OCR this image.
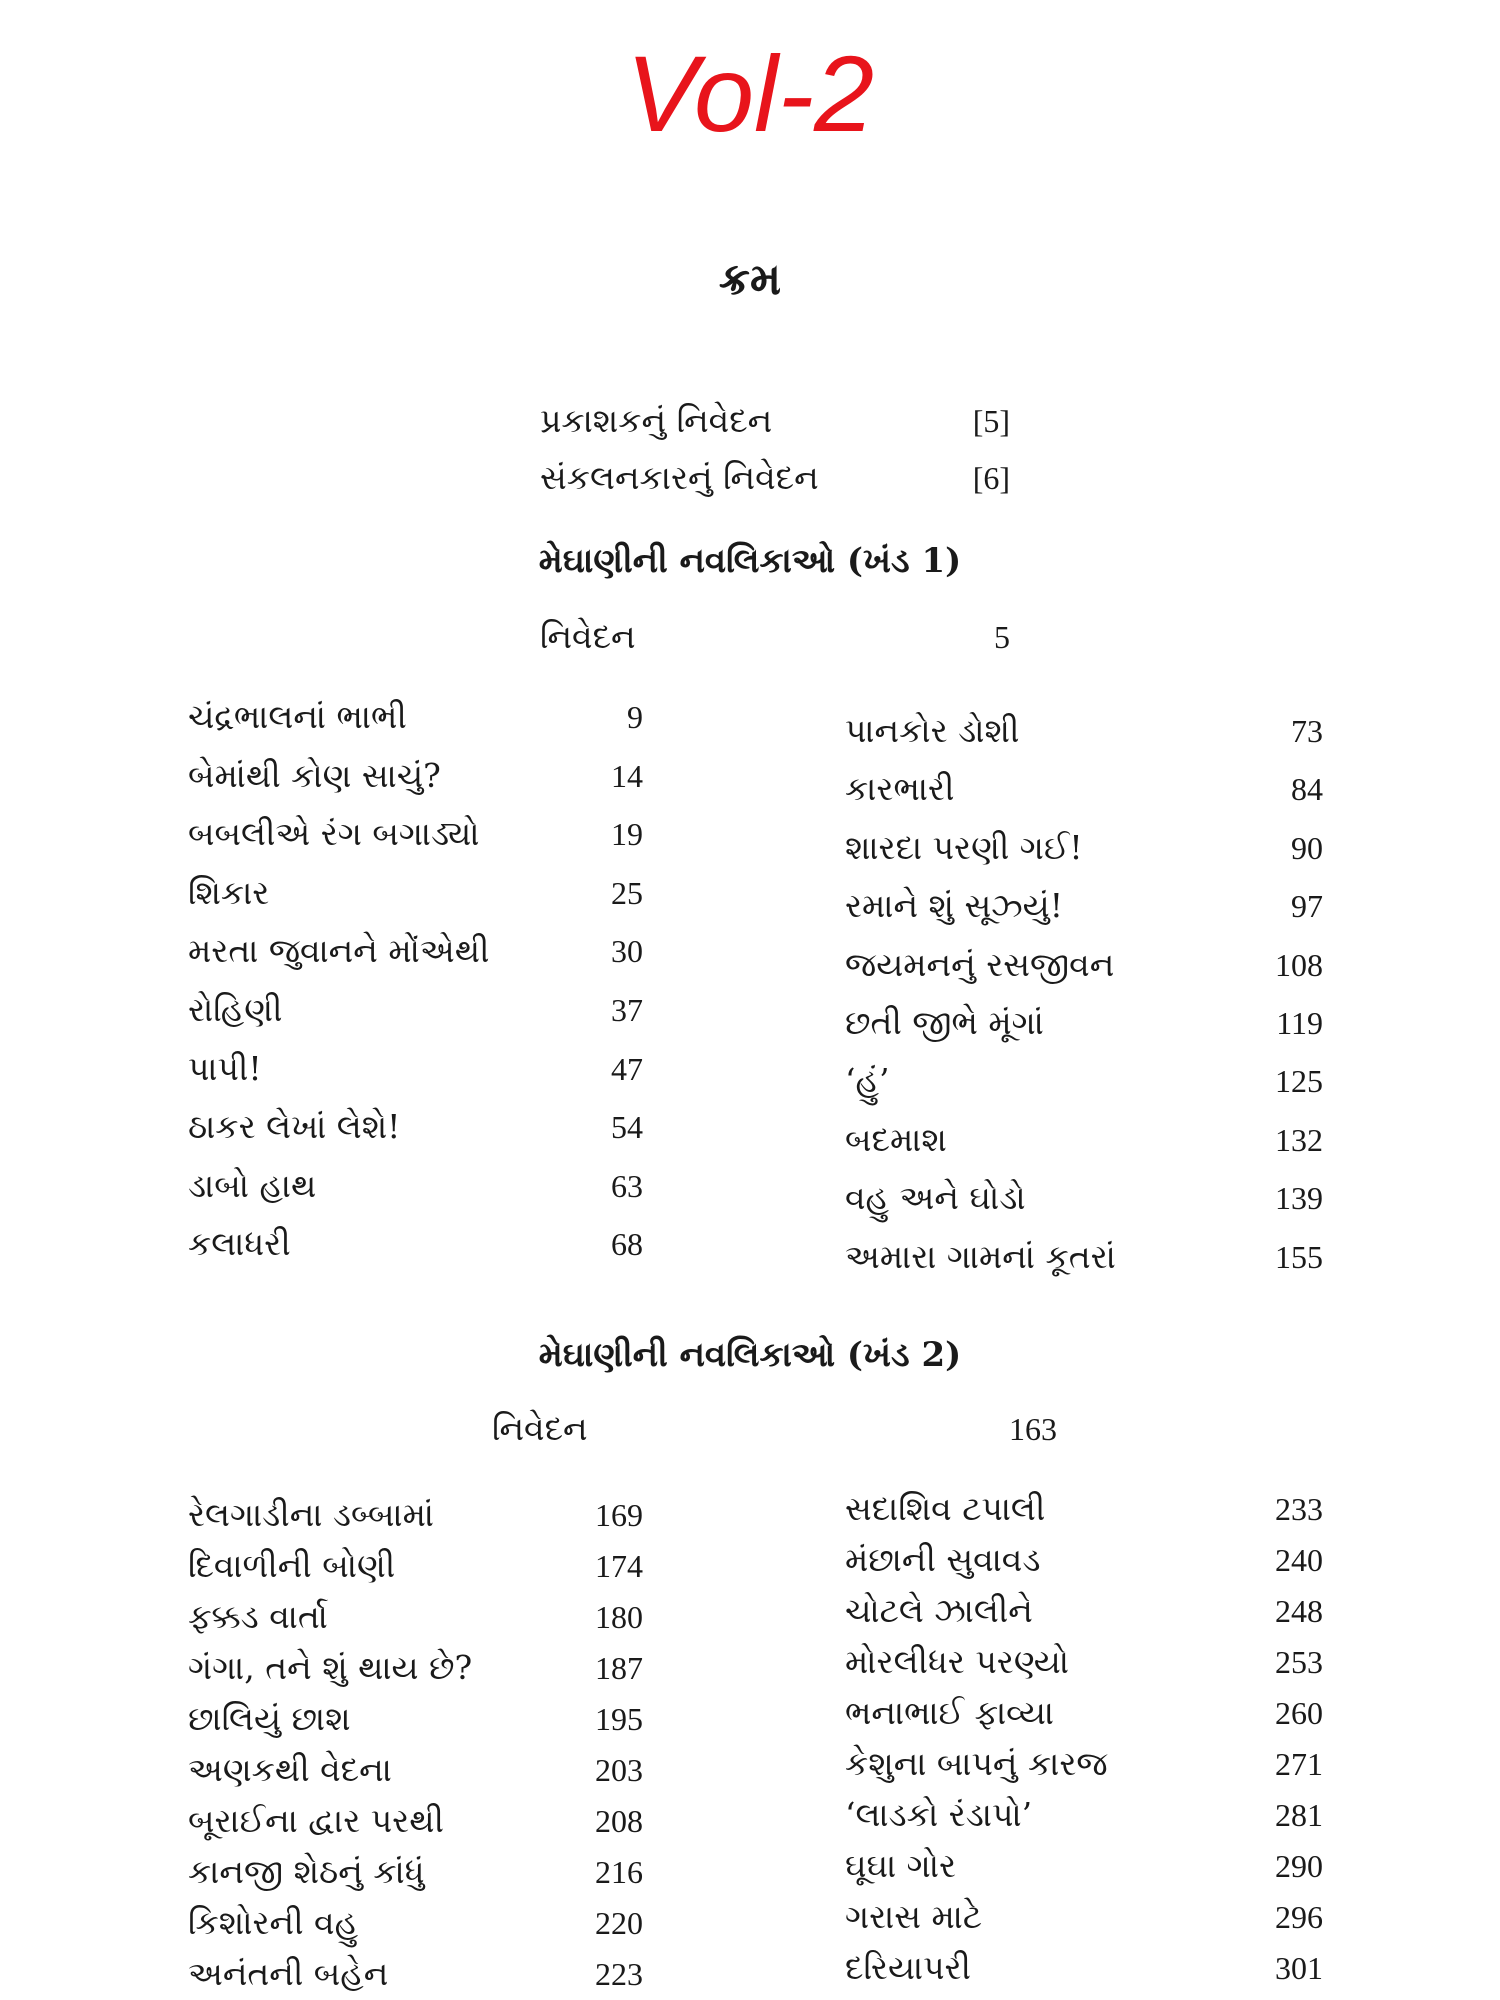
Vol-2
ક્રમ
પ્રકાશકનું નિવેદન	[5]
સંકલનકારનું નિવેદન	[6]
મેઘાણીની નવલિકાઓ (ખંડ 1)
નિવેદન	5
ચંદ્રભાલનાં ભાભી	9
બેમાંથી કોણ સાચું?	14
બબલીએ રંગ બગાડ્યો	19
શિકાર	25
મરતા જુવાનને મોંએથી	30
રોહિણી	37
પાપી!	47
ઠાકર લેખાં લેશે!	54
ડાબો હાથ	63
કલાધરી	68
પાનકોર ડોશી	73
કારભારી	84
શારદા પરણી ગઈ!	90
રમાને શું સૂઝ્યું!	97
જયમનનું રસજીવન	108
છતી જીભે મૂંગાં	119
‘હું’	125
બદમાશ	132
વહુ અને ઘોડો	139
અમારા ગામનાં કૂતરાં	155
મેઘાણીની નવલિકાઓ (ખંડ 2)
નિવેદન	163
રેલગાડીના ડબ્બામાં	169
દિવાળીની બોણી	174
ફક્કડ વાર્તા	180
ગંગા, તને શું થાય છે?	187
છાલિયું છાશ	195
અણકથી વેદના	203
બૂરાઈના દ્વાર પરથી	208
કાનજી શેઠનું કાંધું	216
કિશોરની વહુ	220
અનંતની બહેન	223
સદાશિવ ટપાલી	233
મંછાની સુવાવડ	240
ચોટલે ઝાલીને	248
મોરલીધર પરણ્યો	253
ભનાભાઈ ફાવ્યા	260
કેશુના બાપનું કારજ	271
‘લાડકો રંડાપો’	281
ઘૂઘા ગોર	290
ગરાસ માટે	296
દરિયાપરી	301
